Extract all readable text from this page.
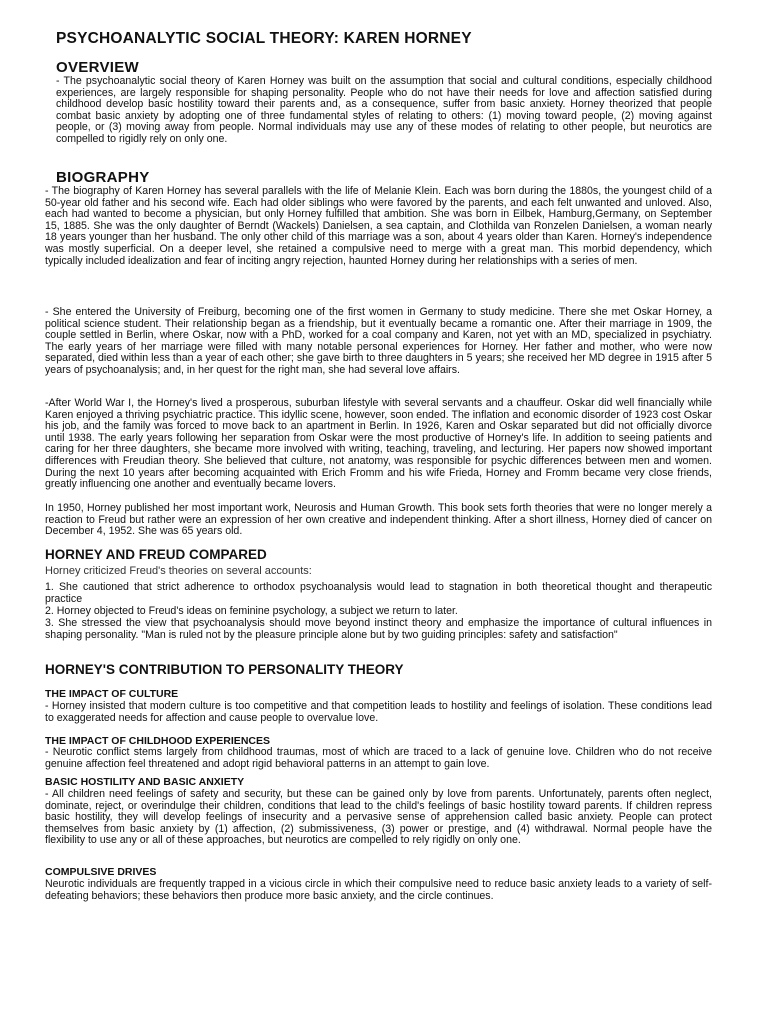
PSYCHOANALYTIC SOCIAL THEORY: KAREN HORNEY
OVERVIEW

- The psychoanalytic social theory of Karen Horney was built on the assumption that social and cultural conditions, especially childhood experiences, are largely responsible for shaping personality. People who do not have their needs for love and affection satisfied during childhood develop basic hostility toward their parents and, as a consequence, suffer from basic anxiety. Horney theorized that people combat basic anxiety by adopting one of three fundamental styles of relating to others: (1) moving toward people, (2) moving against people, or (3) moving away from people. Normal individuals may use any of these modes of relating to other people, but neurotics are compelled to rigidly rely on only one.

BIOGRAPHY

- The biography of Karen Horney has several parallels with the life of Melanie Klein. Each was born during the 1880s, the youngest child of a 50-year old father and his second wife. Each had older siblings who were favored by the parents, and each felt unwanted and unloved. Also, each had wanted to become a physician, but only Horney fulfilled that ambition. She was born in Eilbek, Hamburg,Germany, on September 15, 1885. She was the only daughter of Berndt (Wackels) Danielsen, a sea captain, and Clothilda van Ronzelen Danielsen, a woman nearly 18 years younger than her husband. The only other child of this marriage was a son, about 4 years older than Karen. Horney's independence was mostly superficial. On a deeper level, she retained a compulsive need to merge with a great man. This morbid dependency, which typically included idealization and fear of inciting angry rejection, haunted Horney during her relationships with a series of men.

- She entered the University of Freiburg, becoming one of the first women in Germany to study medicine. There she met Oskar Horney, a political science student. Their relationship began as a friendship, but it eventually became a romantic one. After their marriage in 1909, the couple settled in Berlin, where Oskar, now with a PhD, worked for a coal company and Karen, not yet with an MD, specialized in psychiatry. The early years of her marriage were filled with many notable personal experiences for Horney. Her father and mother, who were now separated, died within less than a year of each other; she gave birth to three daughters in 5 years; she received her MD degree in 1915 after 5 years of psychoanalysis; and, in her quest for the right man, she had several love affairs.

-After World War I, the Horney's lived a prosperous, suburban lifestyle with several servants and a chauffeur. Oskar did well financially while Karen enjoyed a thriving psychiatric practice. This idyllic scene, however, soon ended. The inflation and economic disorder of 1923 cost Oskar his job, and the family was forced to move back to an apartment in Berlin. In 1926, Karen and Oskar separated but did not officially divorce until 1938. The early years following her separation from Oskar were the most productive of Horney's life. In addition to seeing patients and caring for her three daughters, she became more involved with writing, teaching, traveling, and lecturing. Her papers now showed important differences with Freudian theory. She believed that culture, not anatomy, was responsible for psychic differences between men and women. During the next 10 years after becoming acquainted with Erich Fromm and his wife Frieda, Horney and Fromm became very close friends, greatly influencing one another and eventually became lovers.

In 1950, Horney published her most important work, Neurosis and Human Growth. This book sets forth theories that were no longer merely a reaction to Freud but rather were an expression of her own creative and independent thinking. After a short illness, Horney died of cancer on December 4, 1952. She was 65 years old.

HORNEY AND FREUD COMPARED
Horney criticized Freud's theories on several accounts:

1. She cautioned that strict adherence to orthodox psychoanalysis would lead to stagnation in both theoretical thought and therapeutic practice

2. Horney objected to Freud's ideas on feminine psychology, a subject we return to later.

3. She stressed the view that psychoanalysis should move beyond instinct theory and emphasize the importance of cultural influences in shaping personality. "Man is ruled not by the pleasure principle alone but by two guiding principles: safety and satisfaction"

HORNEY'S CONTRIBUTION TO PERSONALITY THEORY
THE IMPACT OF CULTURE

- Horney insisted that modern culture is too competitive and that competition leads to hostility and feelings of isolation. These conditions lead to exaggerated needs for affection and cause people to overvalue love.

THE IMPACT OF CHILDHOOD EXPERIENCES

- Neurotic conflict stems largely from childhood traumas, most of which are traced to a lack of genuine love. Children who do not receive genuine affection feel threatened and adopt rigid behavioral patterns in an attempt to gain love.

BASIC HOSTILITY AND BASIC ANXIETY

- All children need feelings of safety and security, but these can be gained only by love from parents. Unfortunately, parents often neglect, dominate, reject, or overindulge their children, conditions that lead to the child's feelings of basic hostility toward parents. If children repress basic hostility, they will develop feelings of insecurity and a pervasive sense of apprehension called basic anxiety. People can protect themselves from basic anxiety by (1) affection, (2) submissiveness, (3) power or prestige, and (4) withdrawal. Normal people have the flexibility to use any or all of these approaches, but neurotics are compelled to rely rigidly on only one.

COMPULSIVE DRIVES

Neurotic individuals are frequently trapped in a vicious circle in which their compulsive need to reduce basic anxiety leads to a variety of self-defeating behaviors; these behaviors then produce more basic anxiety, and the circle continues.
